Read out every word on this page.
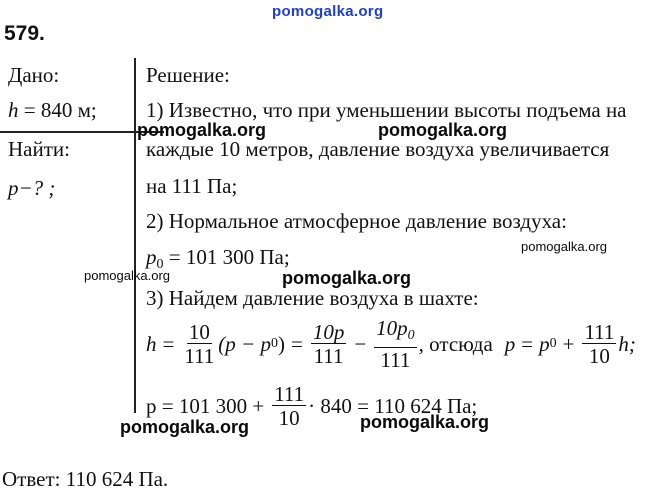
pomogalka.org
579.
Дано:
h = 840 м;
Найти:
p−? ;
Решение:
1) Известно, что при уменьшении высоты подъема на
каждые 10 метров, давление воздуха увеличивается
на 111 Па;
2) Нормальное атмосферное давление воздуха:
$p_0 = 101$ 300 Па;
3) Найдем давление воздуха в шахте:
$h = \frac{10}{111} (p - p$ 0 ) = $\frac{10p}{111} - \frac{10p_0}{111}$ , отсюда p = p $0 + \frac{111}{10} h$;
p = 101 $300 + \frac{111}{10} \cdot 840 = 110$ 624 Па;
Ответ: 110 624 Па.
pomogalka.org	pomogalka.org
pomogalka.org
pomogalka.org	pomogalka.org
pomogalka.org	pomogalka.org
